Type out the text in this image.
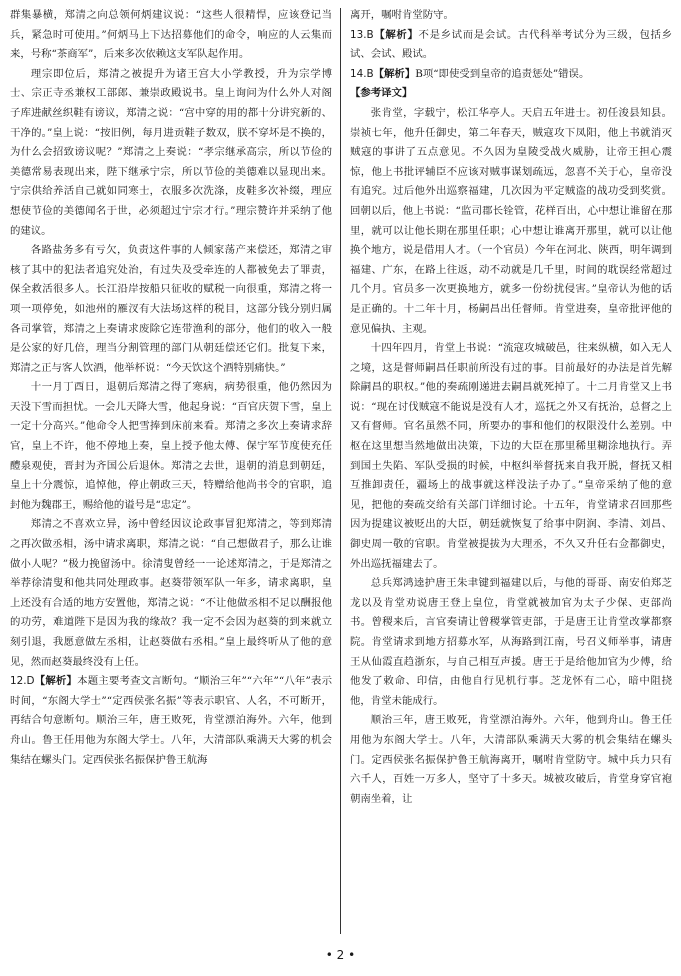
群集暴横，郑清之向总领何炳建议说：“这些人很精悍，应该登记当兵，紧急时可使用。”何炳马上下达招募他们的命令，响应的人云集而来，号称“茶商军”，后来多次依赖这支军队起作用。

理宗即位后，郑清之被提升为诸王宫大小学教授，升为宗学博士、宗正寺丞兼权工部郎、兼崇政殿说书。皇上询问为什么外人对阁子库进献丝织鞋有谤议，郑清之说：“宫中穿的用的都十分讲究新的、干净的。”皇上说：“按旧例，每月进贡鞋子数双，朕不穿坏是不换的，为什么会招致谤议呢？”郑清之上奏说：“孝宗继承高宗，所以节俭的美德常易表现出来，陛下继承宁宗，所以节俭的美德难以显现出来。宁宗供给养活自己就如同寒士，衣服多次洗涤，皮鞋多次补缀，理应想使节俭的美德闻名于世，必须超过宁宗才行。”理宗赞许并采纳了他的建议。

各路盐务多有亏欠，负责这件事的人倾家荡产来偿还，郑清之审核了其中的犯法者追究处治，有过失及受牵连的人都被免去了罪责，保全救活很多人。长江沿岸按船只征收的赋税一向很重，郑清之将一项一项停免，如池州的雁汊有大法场这样的税目，这部分钱分别归属各司掌管，郑清之上奏请求废除它连带渔利的部分，他们的收入一般是公家的好几倍，理当分割管理的部门从朝廷偿还它们。批复下来，郑清之正与客人饮酒，他举杯说：“今天饮这个酒特别痛快。”

十一月丁酉日，退朝后郑清之得了寒病，病势很重，他仍然因为天没下雪而担忧。一会儿天降大雪，他起身说：“百官庆贺下雪，皇上一定十分高兴。”他命令人把雪捧到床前来看。郑清之多次上奏请求辞官，皇上不许，他不停地上奏，皇上授予他太傅、保宁军节度使充任醴泉观使，晋封为齐国公后退休。郑清之去世，退朝的消息到朝廷，皇上十分震惊，追悼他，停止朝政三天，特赠给他尚书令的官职，追封他为魏郡王，赐给他的谥号是“忠定”。

郑清之不喜欢立异，汤中曾经因议论政事冒犯郑清之，等到郑清之再次做丞相，汤中请求离职，郑清之说：“自己想做君子，那么让谁做小人呢？”极力挽留汤中。徐清叟曾经一一论述郑清之，于是郑清之举荐徐清叟和他共同处理政事。赵葵带领军队一年多，请求离职，皇上还没有合适的地方安置他，郑清之说：“不让他做丞相不足以酬报他的功劳，难道陛下是因为我的缘故？我一定不会因为赵葵的到来就立刻引退，我愿意做左丞相，让赵葵做右丞相。”皇上最终听从了他的意见，然而赵葵最终没有上任。

12.D【解析】本题主要考查文言断句。“顺治三年”“六年”“八年”表示时间，“东阁大学士”“定西侯张名振”等表示职官、人名，不可断开，再结合句意断句。顺治三年，唐王败死，肯堂漂泊海外。六年，他到舟山。鲁王任用他为东阁大学士。八年，大清部队乘满天大雾的机会集结在螺头门。定西侯张名振保护鲁王航海

离开，嘱咐肯堂防守。

13.B【解析】不是乡试而是会试。古代科举考试分为三级，包括乡试、会试、殿试。

14.B【解析】B项“即使受到皇帝的追责惩处”错误。

【参考译文】

张肯堂，字载宁，松江华亭人。天启五年进士。初任浚县知县。崇祯七年，他升任御史，第二年春天，贼寇攻下凤阳，他上书就消灭贼寇的事讲了五点意见。不久因为皇陵受战火威胁，让帝王担心震惊，他上书批评辅臣不应该对贼事谋划疏远，忽喜不关于心，皇帝没有追究。过后他外出巡察福建，几次因为平定贼盗的战功受到奖赏。回朝以后，他上书说：“监司郡长铨管，花样百出，心中想让谁留在那里，就可以让他长期在那里任职；心中想让谁离开那里，就可以让他换个地方，说是借用人才。（一个官员）今年在河北、陕西，明年调到福建、广东，在路上往返，动不动就是几千里，时间的耽误经常超过几个月。官员多一次更换地方，就多一份纷扰侵害。”皇帝认为他的话是正确的。十二年十月，杨嗣昌出任督师。肯堂进奏，皇帝批评他的意见偏执、主观。

十四年四月，肯堂上书说：“流寇攻城破邑，往来纵横，如入无人之境，这是督师嗣昌任职前所没有过的事。目前最好的办法是首先解除嗣昌的职权。”他的奏疏刚递进去嗣昌就死掉了。十二月肯堂又上书说：“现在讨伐贼寇不能说是没有人才，巡抚之外又有抚治，总督之上又有督师。官名虽然不同，所要办的事和他们的权限没什么差别。中枢在这里想当然地做出决策，下边的大臣在那里稀里糊涂地执行。弄到国土失陷、军队受损的时候，中枢纠举督抚来自我开脱，督抚又相互推卸责任，疆场上的战事就这样没法子办了。”皇帝采纳了他的意见，把他的奏疏交给有关部门详细讨论。十五年，肯堂请求召回那些因为提建议被贬出的大臣，朝廷就恢复了给事中阴润、李清、刘昌、御史周一敬的官职。肯堂被提拔为大理丞，不久又升任右佥都御史，外出巡抚福建去了。

总兵郑鸿逵护唐王朱聿键到福建以后，与他的哥哥、南安伯郑芝龙以及肯堂劝说唐王登上皇位，肯堂就被加官为太子少保、吏部尚书。曾稷来后，言官奏请让曾稷掌管吏部，于是唐王让肯堂改掌都察院。肯堂请求到地方招募水军，从海路到江南，号召义师举事，请唐王从仙霞直趋浙东，与自己相互声援。唐王于是给他加官为少傅，给他发了敕命、印信，由他自行见机行事。芝龙怀有二心，暗中阻挠他，肯堂未能成行。

顺治三年，唐王败死，肯堂漂泊海外。六年，他到舟山。鲁王任用他为东阁大学士。八年，大清部队乘满天大雾的机会集结在螺头门。定西侯张名振保护鲁王航海离开，嘱咐肯堂防守。城中兵力只有六千人，百姓一万多人，坚守了十多天。城被攻破后，肯堂身穿官袍朝南坐着，让

• 2 •
